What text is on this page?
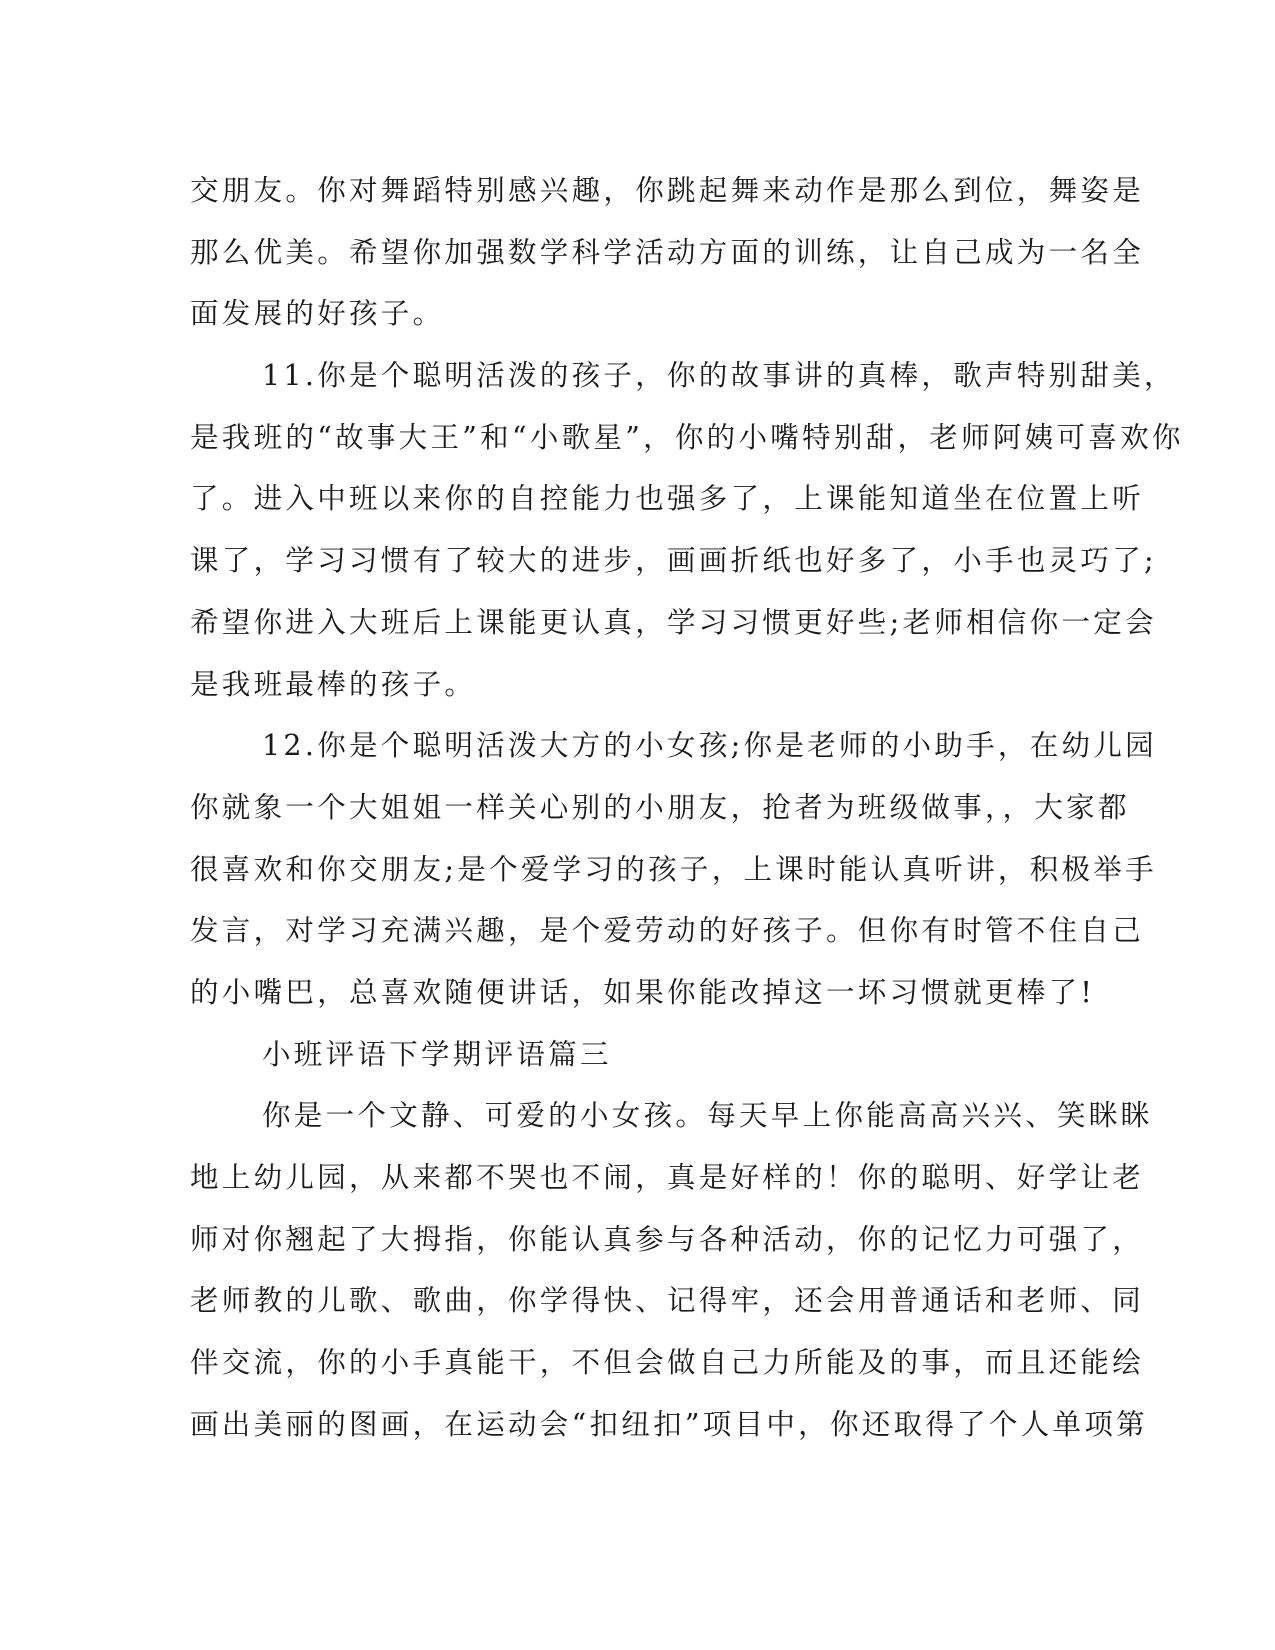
交朋友。你对舞蹈特别感兴趣，你跳起舞来动作是那么到位，舞姿是
那么优美。希望你加强数学科学活动方面的训练，让自己成为一名全
面发展的好孩子。
11.你是个聪明活泼的孩子，你的故事讲的真棒，歌声特别甜美，
是我班的“故事大王”和“小歌星”，你的小嘴特别甜，老师阿姨可喜欢你
了。进入中班以来你的自控能力也强多了，上课能知道坐在位置上听
课了，学习习惯有了较大的进步，画画折纸也好多了，小手也灵巧了;
希望你进入大班后上课能更认真，学习习惯更好些;老师相信你一定会
是我班最棒的孩子。
12.你是个聪明活泼大方的小女孩;你是老师的小助手，在幼儿园
你就象一个大姐姐一样关心别的小朋友，抢者为班级做事，，大家都
很喜欢和你交朋友;是个爱学习的孩子，上课时能认真听讲，积极举手
发言，对学习充满兴趣，是个爱劳动的好孩子。但你有时管不住自己
的小嘴巴，总喜欢随便讲话，如果你能改掉这一坏习惯就更棒了!
小班评语下学期评语篇三
你是一个文静、可爱的小女孩。每天早上你能高高兴兴、笑眯眯
地上幼儿园，从来都不哭也不闹，真是好样的！你的聪明、好学让老
师对你翘起了大拇指，你能认真参与各种活动，你的记忆力可强了，
老师教的儿歌、歌曲，你学得快、记得牢，还会用普通话和老师、同
伴交流，你的小手真能干，不但会做自己力所能及的事，而且还能绘
画出美丽的图画，在运动会“扣纽扣”项目中，你还取得了个人单项第
